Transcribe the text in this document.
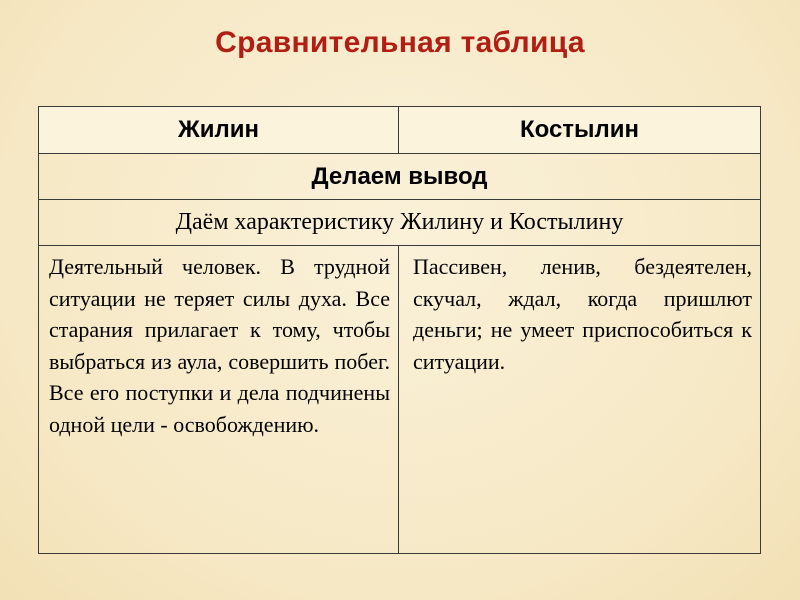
Сравнительная таблица
Жилин	Костылин
Делаем вывод	
Даём характеристику Жилину и Костылину	
Деятельный человек. В трудной ситуации не теряет силы духа. Все старания прилагает к тому, чтобы выбраться из аула, совершить побег. Все его поступки и дела подчинены одной цели - освобождению.	Пассивен, ленив, бездеятелен, скучал, ждал, когда пришлют деньги; не умеет приспособиться к ситуации.
